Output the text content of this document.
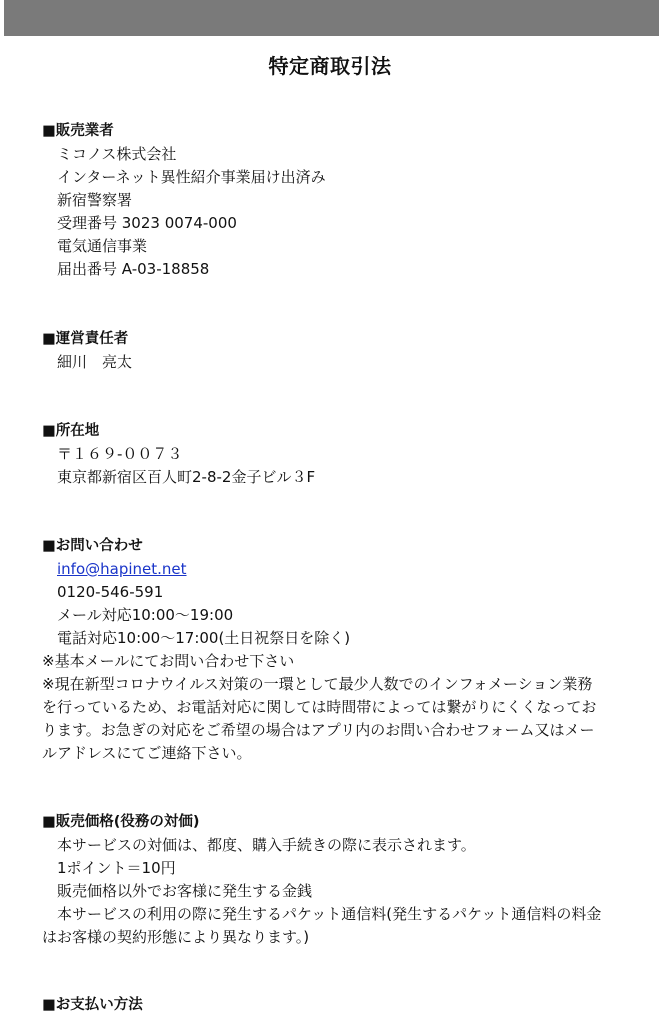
特定商取引法
■販売業者
ミコノス株式会社
インターネット異性紹介事業届け出済み
新宿警察署
受理番号 3023 0074-000
電気通信事業
届出番号 A-03-18858
■運営責任者
細川　亮太
■所在地
〒１６９-００７３
東京都新宿区百人町2-8-2金子ビル３F
■お問い合わせ
info@hapinet.net
0120-546-591
メール対応10:00〜19:00
電話対応10:00〜17:00(土日祝祭日を除く)
※基本メールにてお問い合わせ下さい
※現在新型コロナウイルス対策の一環として最少人数でのインフォメーション業務
を行っているため、お電話対応に関しては時間帯によっては繋がりにくくなってお
ります。お急ぎの対応をご希望の場合はアプリ内のお問い合わせフォーム又はメー
ルアドレスにてご連絡下さい。
■販売価格(役務の対価)
本サービスの対価は、都度、購入手続きの際に表示されます。
1ポイント＝10円
販売価格以外でお客様に発生する金銭
本サービスの利用の際に発生するパケット通信料(発生するパケット通信料の料金
はお客様の契約形態により異なります。)
■お支払い方法
